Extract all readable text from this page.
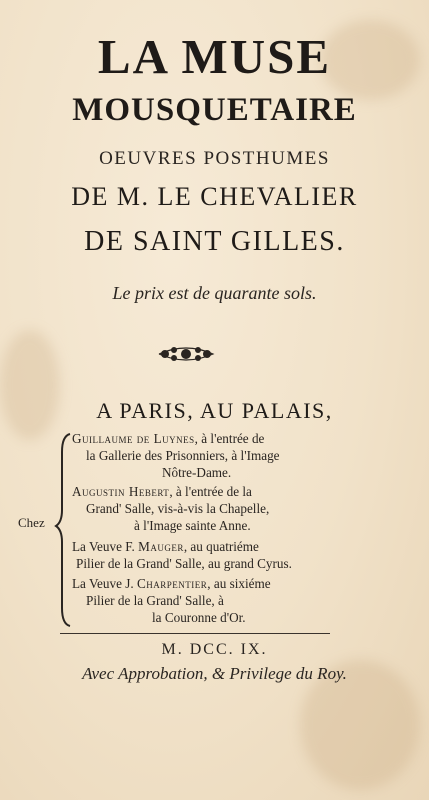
LA MUSE
MOUSQUETAIRE
OEUVRES POSTHUMES
DE M. LE CHEVALIER
DE SAINT GILLES.
Le prix est de quarante sols.
A PARIS, AU PALAIS,
Chez
Guillaume de Luynes, à l'entrée de
la Gallerie des Prisonniers, à l'Image
Nôtre-Dame.
Augustin Hebert, à l'entrée de la
Grand' Salle, vis-à-vis la Chapelle,
à l'Image sainte Anne.
La Veuve F. Mauger, au quatriéme
Pilier de la Grand' Salle, au grand Cyrus.
La Veuve J. Charpentier, au sixiéme
Pilier de la Grand' Salle, à
la Couronne d'Or.
M. DCC. IX.
Avec Approbation, & Privilege du Roy.
